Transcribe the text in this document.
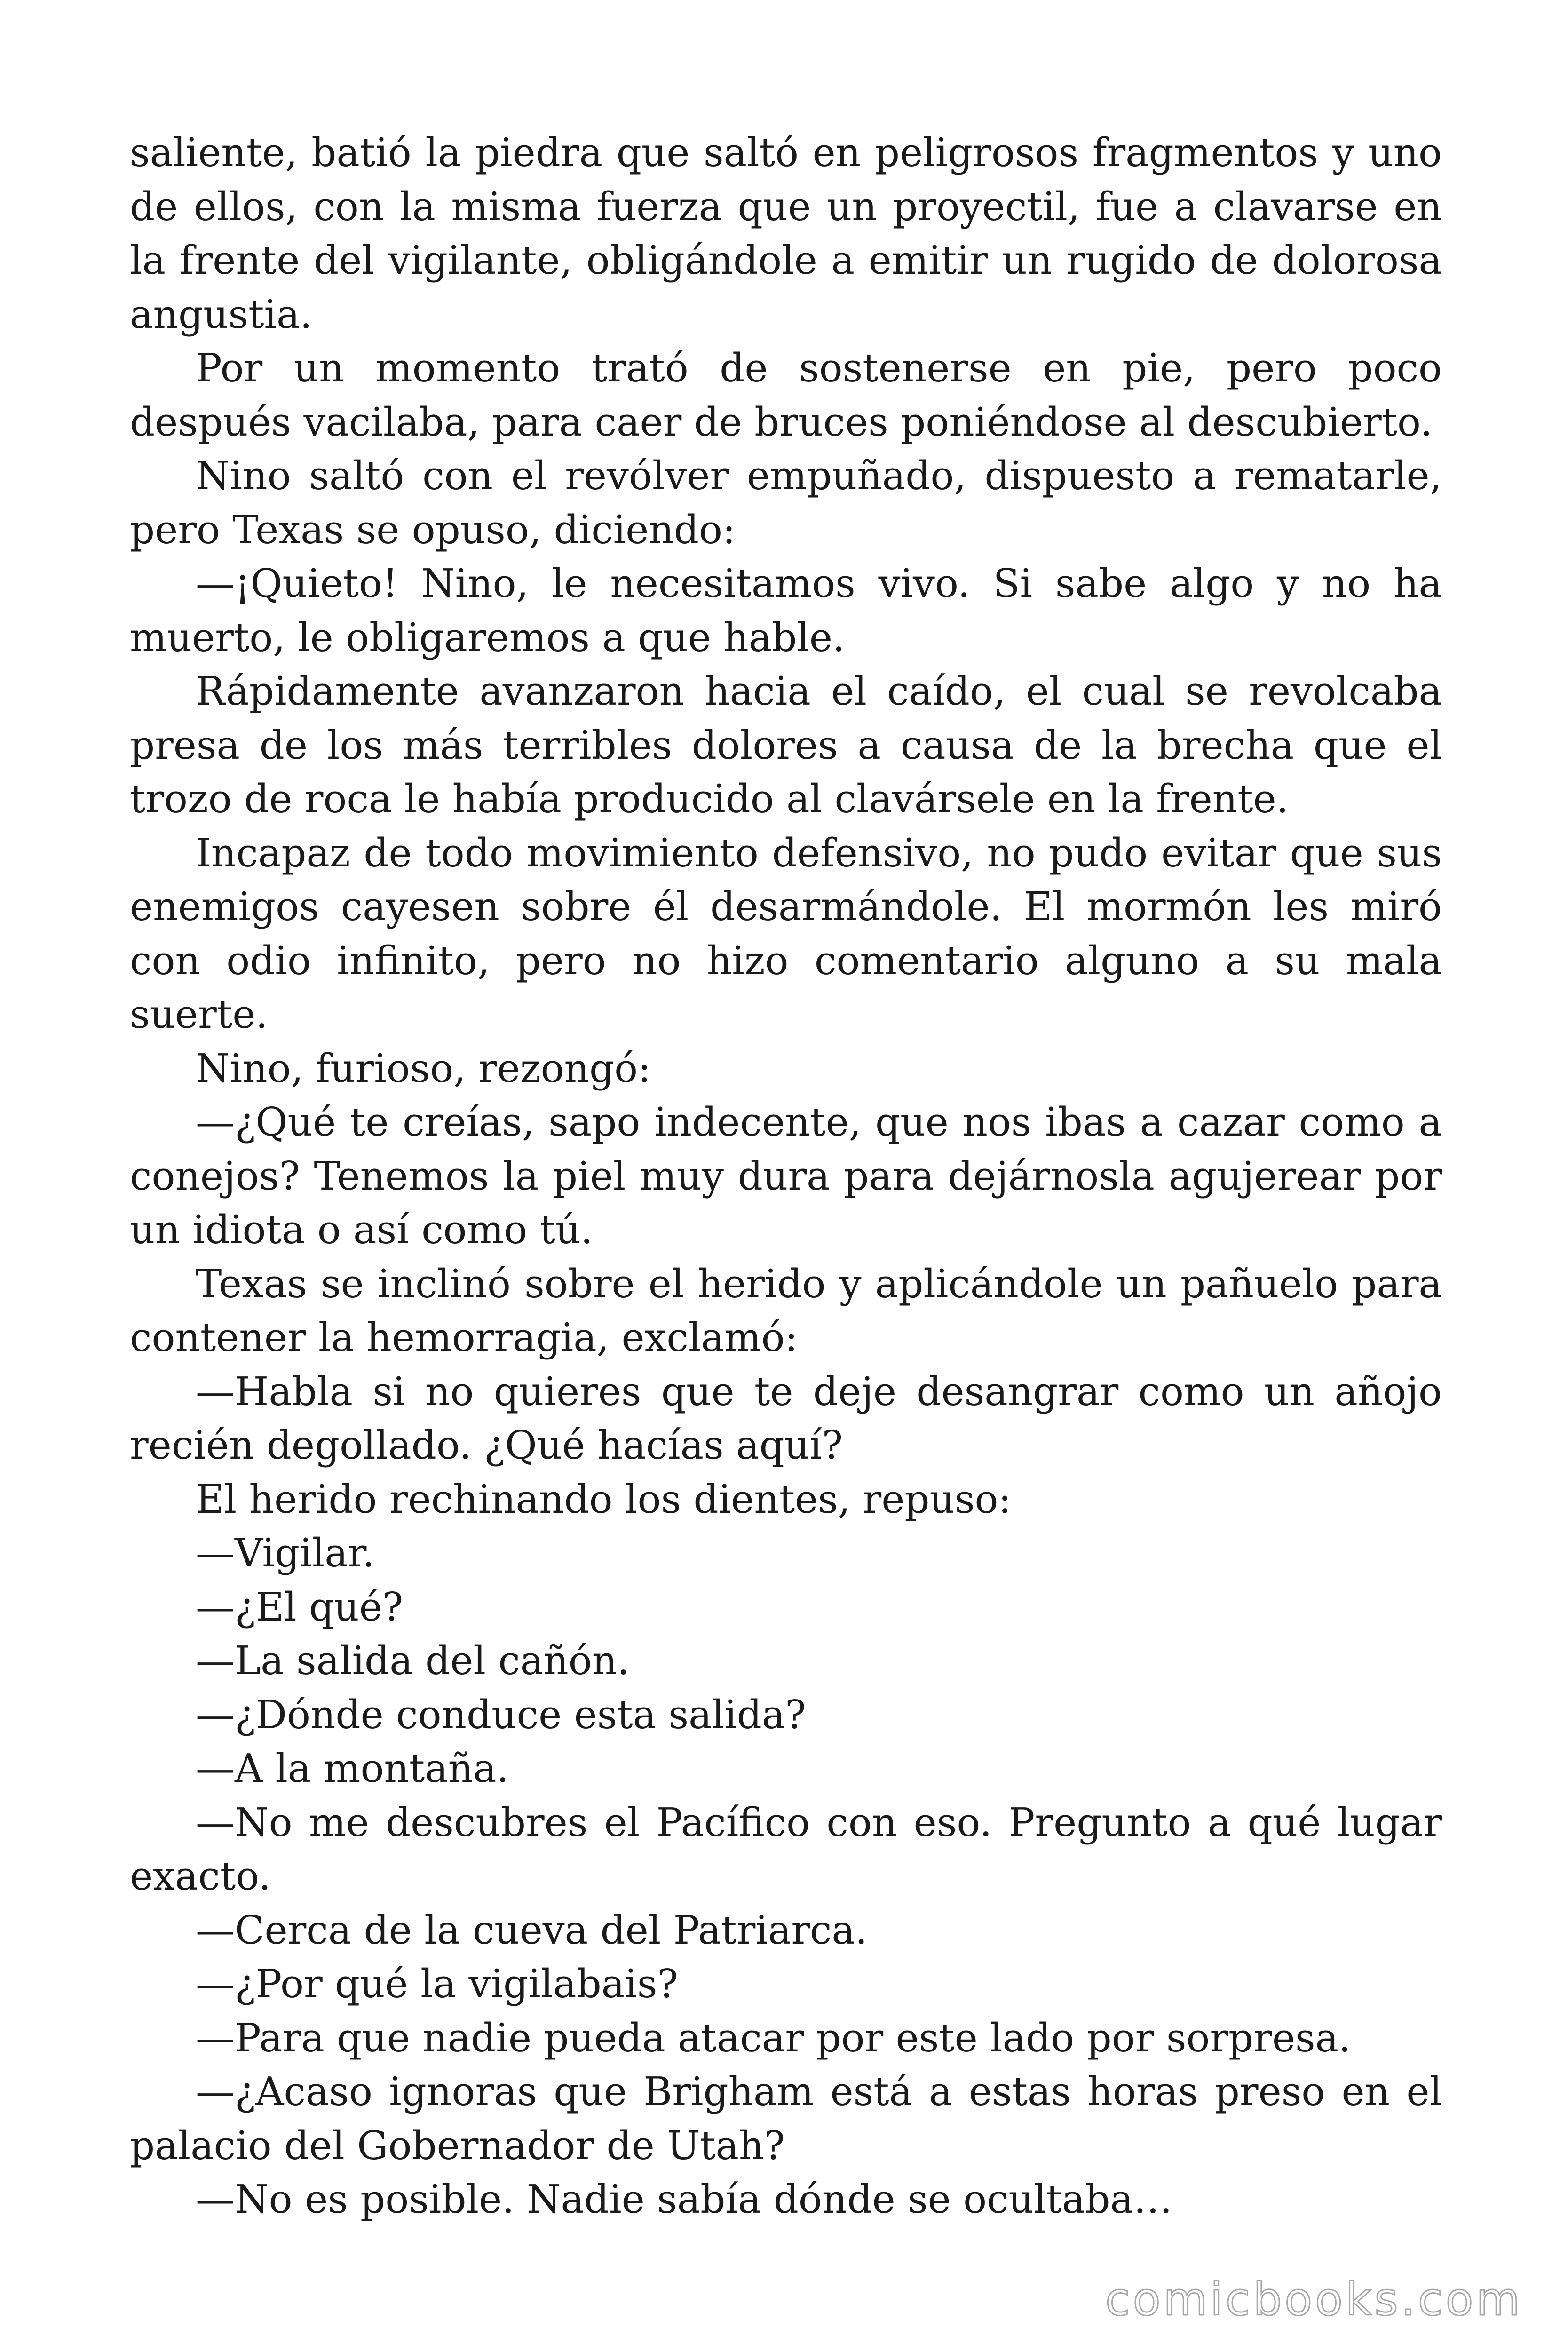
saliente, batió la piedra que saltó en peligrosos fragmentos y uno de ellos, con la misma fuerza que un proyectil, fue a clavarse en la frente del vigilante, obligándole a emitir un rugido de dolorosa angustia.

Por un momento trató de sostenerse en pie, pero poco después vacilaba, para caer de bruces poniéndose al descubierto.

Nino saltó con el revólver empuñado, dispuesto a rematarle, pero Texas se opuso, diciendo:

—¡Quieto! Nino, le necesitamos vivo. Si sabe algo y no ha muerto, le obligaremos a que hable.

Rápidamente avanzaron hacia el caído, el cual se revolcaba presa de los más terribles dolores a causa de la brecha que el trozo de roca le había producido al clavársele en la frente.

Incapaz de todo movimiento defensivo, no pudo evitar que sus enemigos cayesen sobre él desarmándole. El mormón les miró con odio infinito, pero no hizo comentario alguno a su mala suerte.

Nino, furioso, rezongó:

—¿Qué te creías, sapo indecente, que nos ibas a cazar como a conejos? Tenemos la piel muy dura para dejárnosla agujerear por un idiota o así como tú.

Texas se inclinó sobre el herido y aplicándole un pañuelo para contener la hemorragia, exclamó:

—Habla si no quieres que te deje desangrar como un añojo recién degollado. ¿Qué hacías aquí?

El herido rechinando los dientes, repuso:

—Vigilar.

—¿El qué?

—La salida del cañón.

—¿Dónde conduce esta salida?

—A la montaña.

—No me descubres el Pacífico con eso. Pregunto a qué lugar exacto.

—Cerca de la cueva del Patriarca.

—¿Por qué la vigilabais?

—Para que nadie pueda atacar por este lado por sorpresa.

—¿Acaso ignoras que Brigham está a estas horas preso en el palacio del Gobernador de Utah?

—No es posible. Nadie sabía dónde se ocultaba…

comicbooks.com
